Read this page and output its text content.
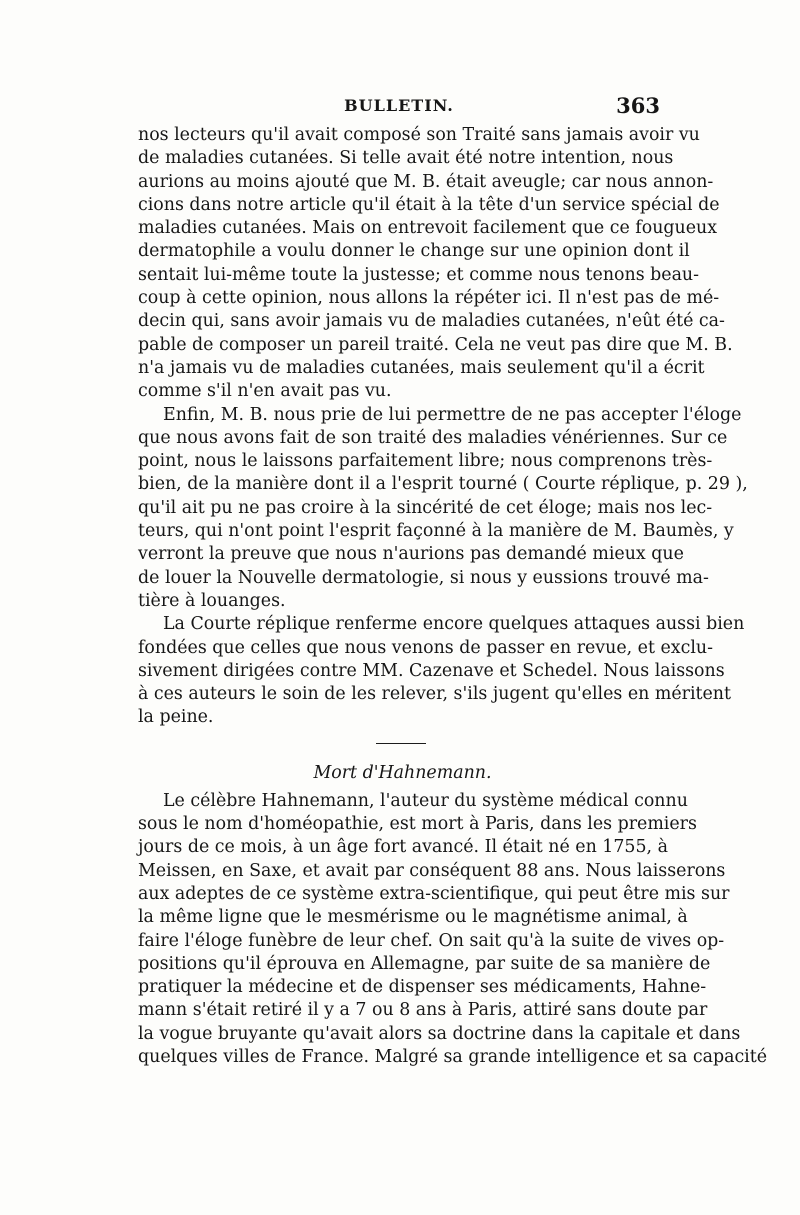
BULLETIN.	363
nos lecteurs qu'il avait composé son Traité sans jamais avoir vu
de maladies cutanées. Si telle avait été notre intention, nous
aurions au moins ajouté que M. B. était aveugle; car nous annon-
cions dans notre article qu'il était à la tête d'un service spécial de
maladies cutanées. Mais on entrevoit facilement que ce fougueux
dermatophile a voulu donner le change sur une opinion dont il
sentait lui-même toute la justesse; et comme nous tenons beau-
coup à cette opinion, nous allons la répéter ici. Il n'est pas de mé-
decin qui, sans avoir jamais vu de maladies cutanées, n'eût été ca-
pable de composer un pareil traité. Cela ne veut pas dire que M. B.
n'a jamais vu de maladies cutanées, mais seulement qu'il a écrit
comme s'il n'en avait pas vu.
Enfin, M. B. nous prie de lui permettre de ne pas accepter l'éloge
que nous avons fait de son traité des maladies vénériennes. Sur ce
point, nous le laissons parfaitement libre; nous comprenons très-
bien, de la manière dont il a l'esprit tourné ( Courte réplique, p. 29 ),
qu'il ait pu ne pas croire à la sincérité de cet éloge; mais nos lec-
teurs, qui n'ont point l'esprit façonné à la manière de M. Baumès, y
verront la preuve que nous n'aurions pas demandé mieux que
de louer la Nouvelle dermatologie, si nous y eussions trouvé ma-
tière à louanges.
La Courte réplique renferme encore quelques attaques aussi bien
fondées que celles que nous venons de passer en revue, et exclu-
sivement dirigées contre MM. Cazenave et Schedel. Nous laissons
à ces auteurs le soin de les relever, s'ils jugent qu'elles en méritent
la peine.
Mort d'Hahnemann.
Le célèbre Hahnemann, l'auteur du système médical connu
sous le nom d'homéopathie, est mort à Paris, dans les premiers
jours de ce mois, à un âge fort avancé. Il était né en 1755, à
Meissen, en Saxe, et avait par conséquent 88 ans. Nous laisserons
aux adeptes de ce système extra-scientifique, qui peut être mis sur
la même ligne que le mesmérisme ou le magnétisme animal, à
faire l'éloge funèbre de leur chef. On sait qu'à la suite de vives op-
positions qu'il éprouva en Allemagne, par suite de sa manière de
pratiquer la médecine et de dispenser ses médicaments, Hahne-
mann s'était retiré il y a 7 ou 8 ans à Paris, attiré sans doute par
la vogue bruyante qu'avait alors sa doctrine dans la capitale et dans
quelques villes de France. Malgré sa grande intelligence et sa capacité
